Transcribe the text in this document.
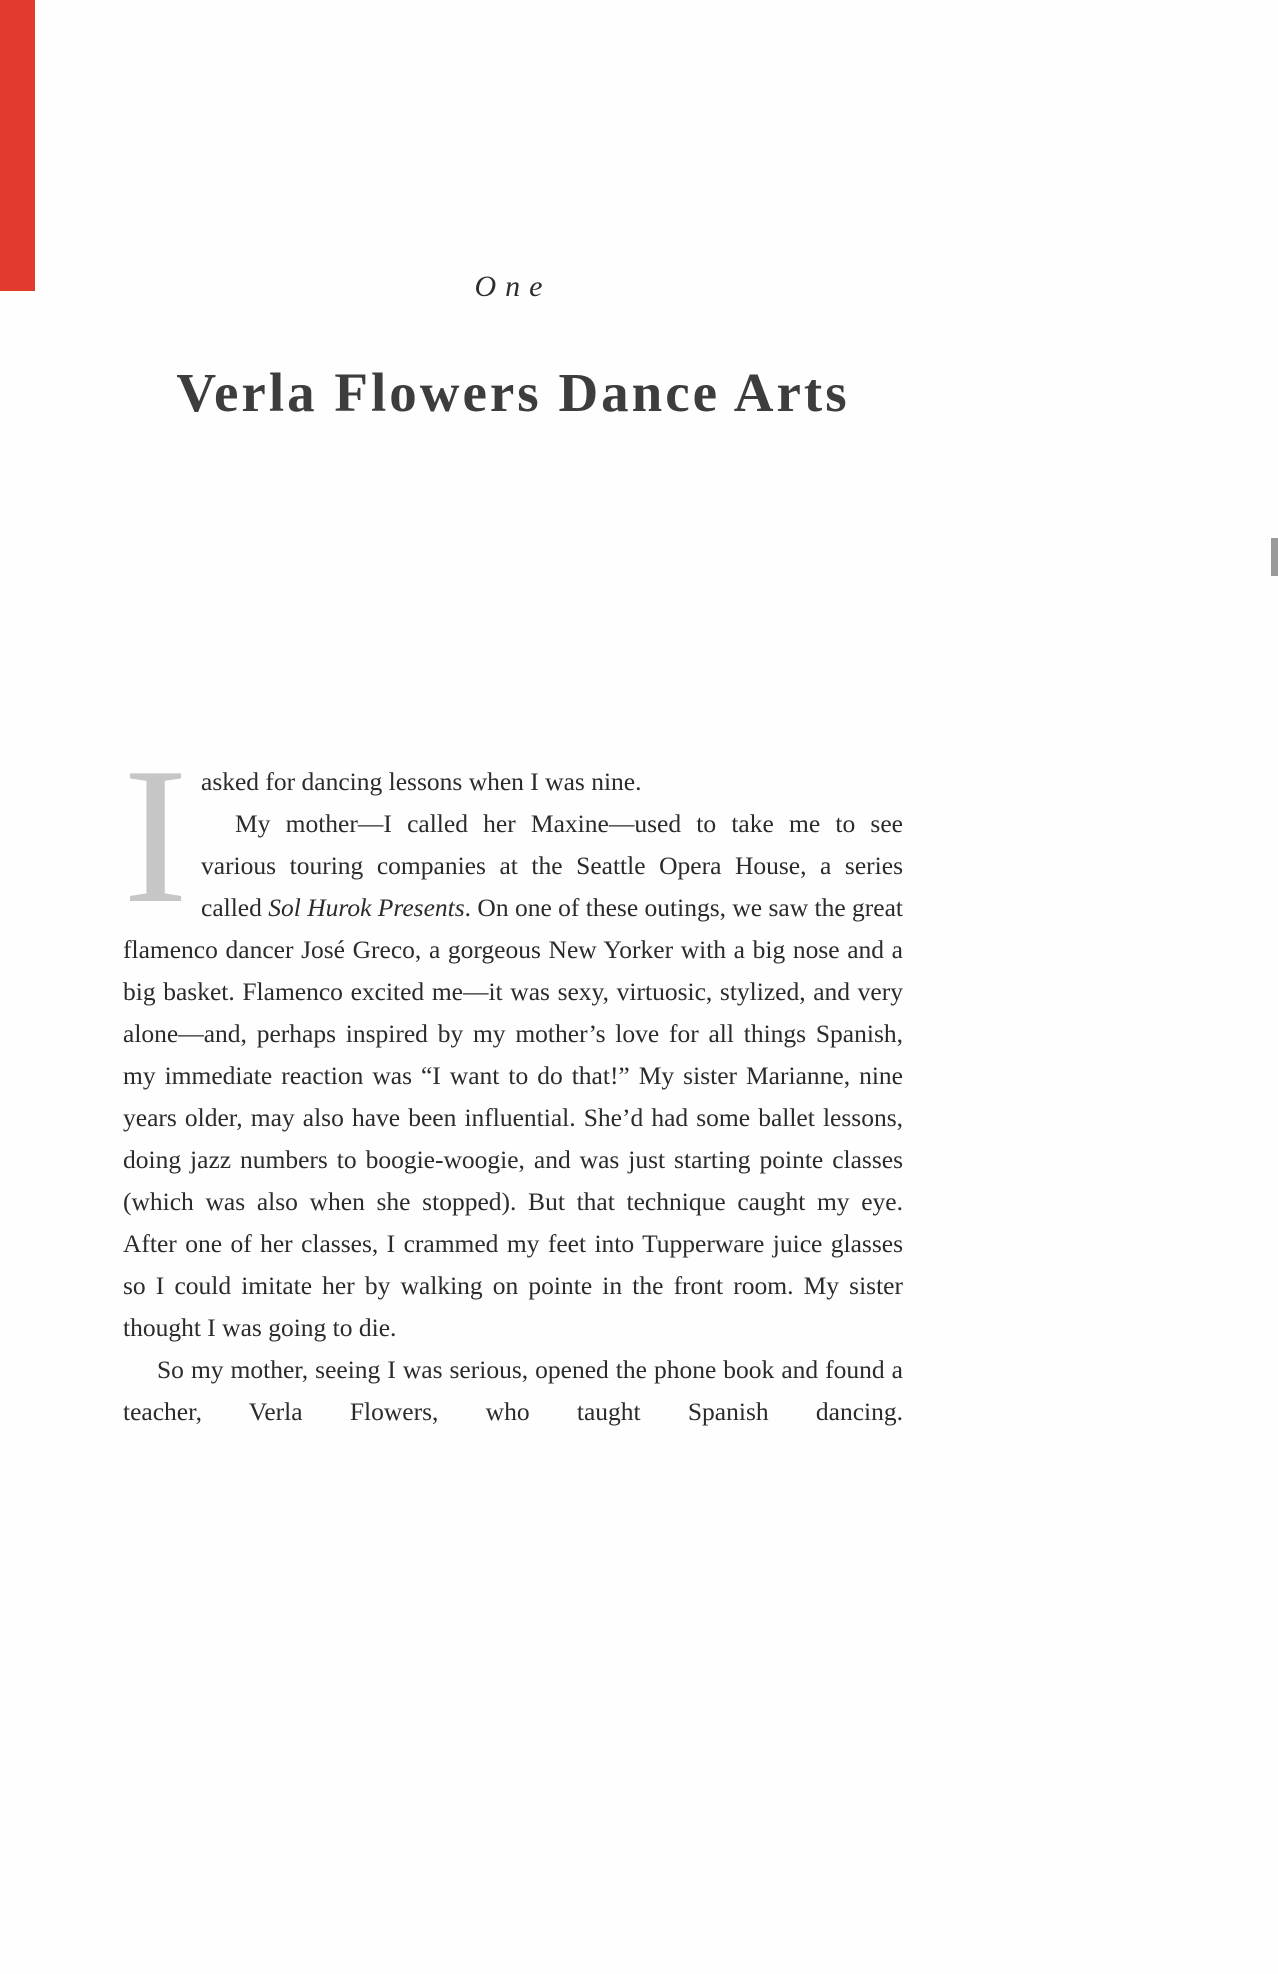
One
Verla Flowers Dance Arts
I asked for dancing lessons when I was nine.

My mother—I called her Maxine—used to take me to see various touring companies at the Seattle Opera House, a series called Sol Hurok Presents. On one of these outings, we saw the great flamenco dancer José Greco, a gorgeous New Yorker with a big nose and a big basket. Flamenco excited me—it was sexy, virtuosic, stylized, and very alone—and, perhaps inspired by my mother’s love for all things Spanish, my immediate reaction was “I want to do that!” My sister Marianne, nine years older, may also have been influential. She’d had some ballet lessons, doing jazz numbers to boogie-woogie, and was just starting pointe classes (which was also when she stopped). But that technique caught my eye. After one of her classes, I crammed my feet into Tupperware juice glasses so I could imitate her by walking on pointe in the front room. My sister thought I was going to die.

So my mother, seeing I was serious, opened the phone book and found a teacher, Verla Flowers, who taught Spanish dancing.
